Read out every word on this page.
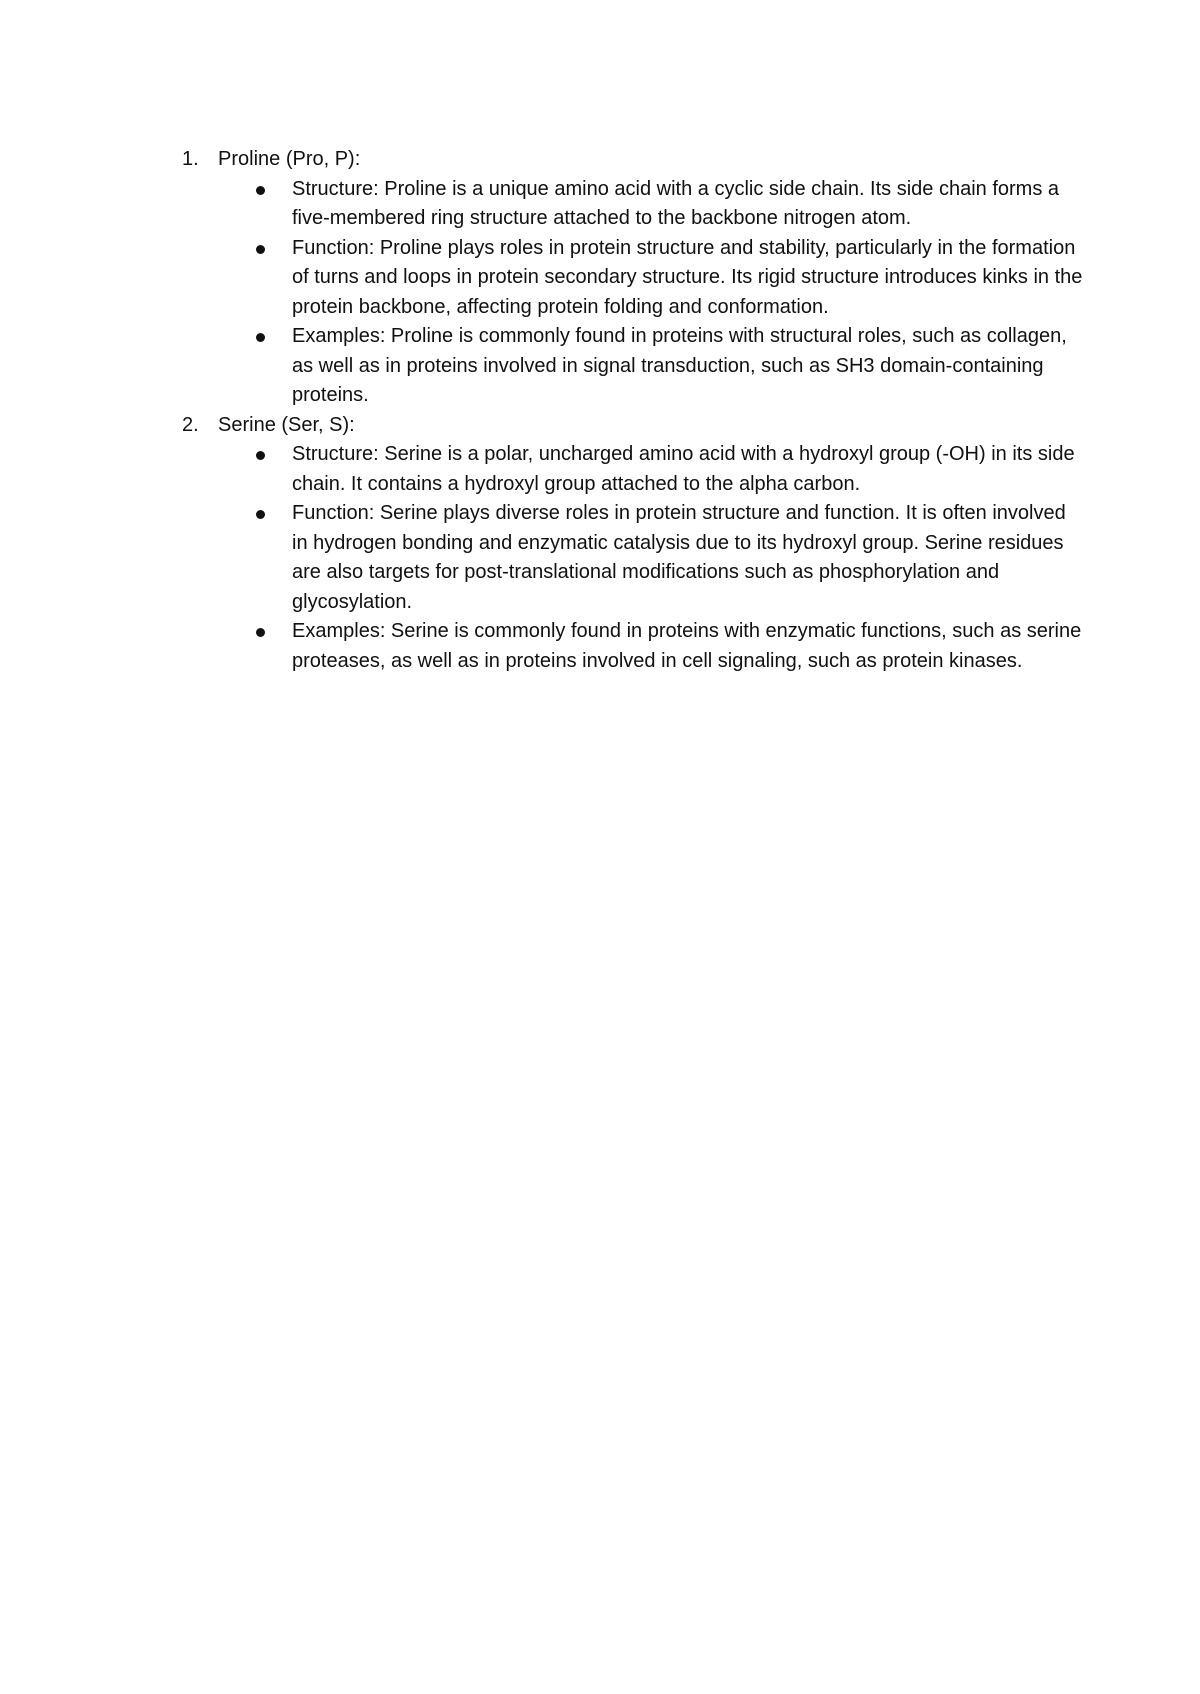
1. Proline (Pro, P):
Structure: Proline is a unique amino acid with a cyclic side chain. Its side chain forms a five-membered ring structure attached to the backbone nitrogen atom.
Function: Proline plays roles in protein structure and stability, particularly in the formation of turns and loops in protein secondary structure. Its rigid structure introduces kinks in the protein backbone, affecting protein folding and conformation.
Examples: Proline is commonly found in proteins with structural roles, such as collagen, as well as in proteins involved in signal transduction, such as SH3 domain-containing proteins.
2. Serine (Ser, S):
Structure: Serine is a polar, uncharged amino acid with a hydroxyl group (-OH) in its side chain. It contains a hydroxyl group attached to the alpha carbon.
Function: Serine plays diverse roles in protein structure and function. It is often involved in hydrogen bonding and enzymatic catalysis due to its hydroxyl group. Serine residues are also targets for post-translational modifications such as phosphorylation and glycosylation.
Examples: Serine is commonly found in proteins with enzymatic functions, such as serine proteases, as well as in proteins involved in cell signaling, such as protein kinases.
